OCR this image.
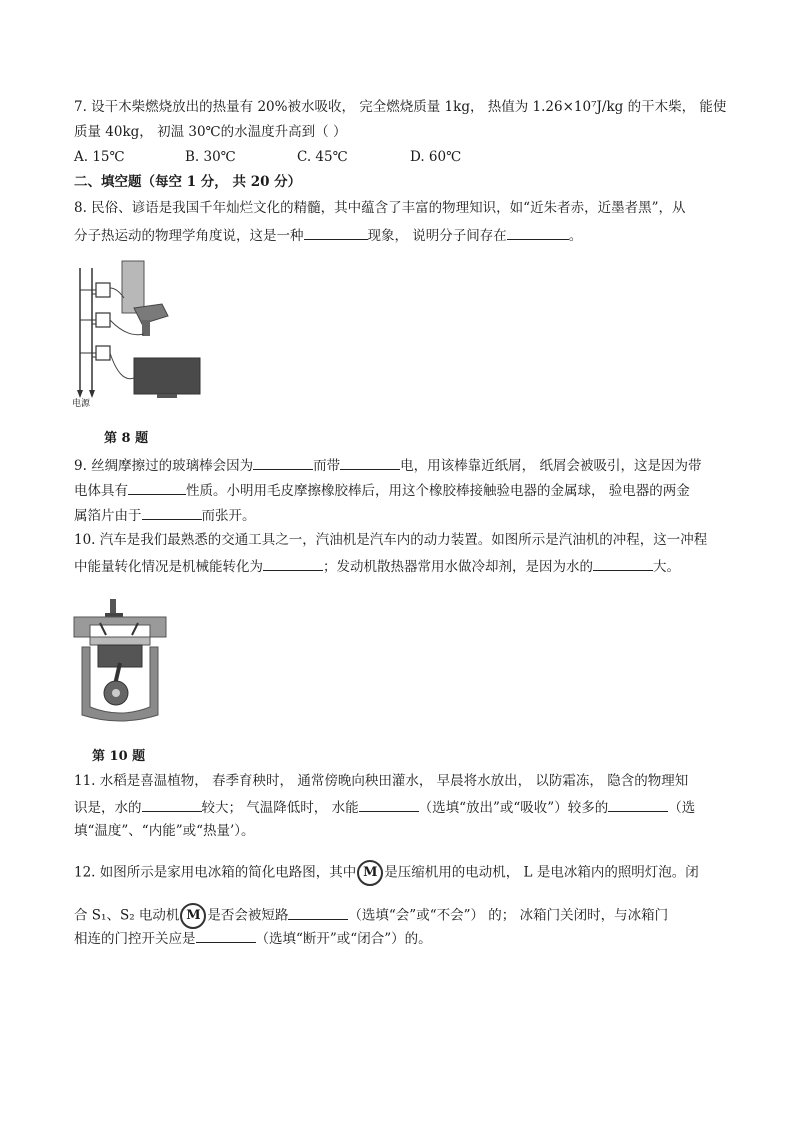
7. 设干木柴燃烧放出的热量有 20%被水吸收， 完全燃烧质量 1kg， 热值为 1.26×10⁷J/kg 的干木柴， 能使
质量 40kg， 初温 30℃的水温度升高到（ ）
A. 15℃	B. 30℃	C. 45℃	D. 60℃
二、填空题（每空 1 分， 共 20 分）
8. 民俗、谚语是我国千年灿烂文化的精髓，其中蕴含了丰富的物理知识，如“近朱者赤，近墨者黑”，从
分子热运动的物理学角度说，这是一种	现象， 说明分子间存在	。
电源
第 8 题
9. 丝绸摩擦过的玻璃棒会因为	而带	电，用该棒靠近纸屑， 纸屑会被吸引，这是因为带
电体具有	性质。小明用毛皮摩擦橡胶棒后，用这个橡胶棒接触验电器的金属球， 验电器的两金
属箔片由于	而张开。
10. 汽车是我们最熟悉的交通工具之一，汽油机是汽车内的动力装置。如图所示是汽油机的冲程，这一冲程
中能量转化情况是机械能转化为	；发动机散热器常用水做冷却剂，是因为水的	大。
第 10 题
11. 水稻是喜温植物， 春季育秧时， 通常傍晚向秧田灌水， 早晨将水放出， 以防霜冻， 隐含的物理知
识是，水的	较大； 气温降低时， 水能	（选填“放出”或“吸收”）较多的	（选
填“温度”、“内能”或“热量’）。
12. 如图所示是家用电冰箱的简化电路图，其中 M 是压缩机用的电动机， L 是电冰箱内的照明灯泡。闭
合 S₁、S₂ 电动机 M 是否会被短路	（选填“会”或“不会”） 的； 冰箱门关闭时，与冰箱门
相连的门控开关应是	（选填“断开”或“闭合”）的。
